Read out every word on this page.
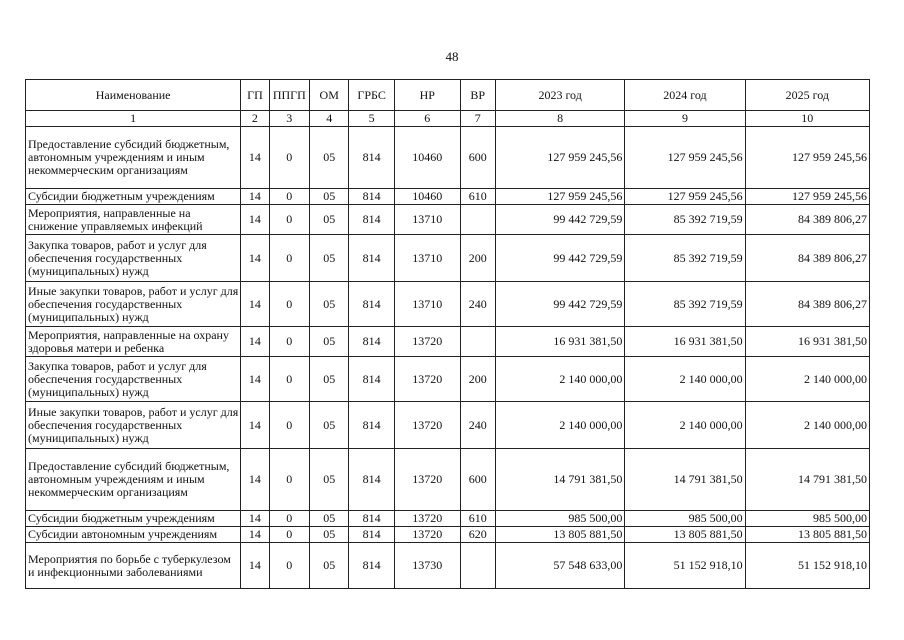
48
Наименование	ГП	ППГП	ОМ	ГРБС	НР	ВР	2023 год	2024 год	2025 год
1	2	3	4	5	6	7	8	9	10
Предоставление субсидий бюджетным, автономным учреждениям и иным некоммерческим организациям	14	0	05	814	10460	600	127 959 245,56	127 959 245,56	127 959 245,56
Субсидии бюджетным учреждениям	14	0	05	814	10460	610	127 959 245,56	127 959 245,56	127 959 245,56
Мероприятия, направленные на снижение управляемых инфекций	14	0	05	814	13710		99 442 729,59	85 392 719,59	84 389 806,27
Закупка товаров, работ и услуг для обеспечения государственных (муниципальных) нужд	14	0	05	814	13710	200	99 442 729,59	85 392 719,59	84 389 806,27
Иные закупки товаров, работ и услуг для обеспечения государственных (муниципальных) нужд	14	0	05	814	13710	240	99 442 729,59	85 392 719,59	84 389 806,27
Мероприятия, направленные на охрану здоровья матери и ребенка	14	0	05	814	13720		16 931 381,50	16 931 381,50	16 931 381,50
Закупка товаров, работ и услуг для обеспечения государственных (муниципальных) нужд	14	0	05	814	13720	200	2 140 000,00	2 140 000,00	2 140 000,00
Иные закупки товаров, работ и услуг для обеспечения государственных (муниципальных) нужд	14	0	05	814	13720	240	2 140 000,00	2 140 000,00	2 140 000,00
Предоставление субсидий бюджетным, автономным учреждениям и иным некоммерческим организациям	14	0	05	814	13720	600	14 791 381,50	14 791 381,50	14 791 381,50
Субсидии бюджетным учреждениям	14	0	05	814	13720	610	985 500,00	985 500,00	985 500,00
Субсидии автономным учреждениям	14	0	05	814	13720	620	13 805 881,50	13 805 881,50	13 805 881,50
Мероприятия по борьбе с туберкулезом и инфекционными заболеваниями	14	0	05	814	13730		57 548 633,00	51 152 918,10	51 152 918,10
